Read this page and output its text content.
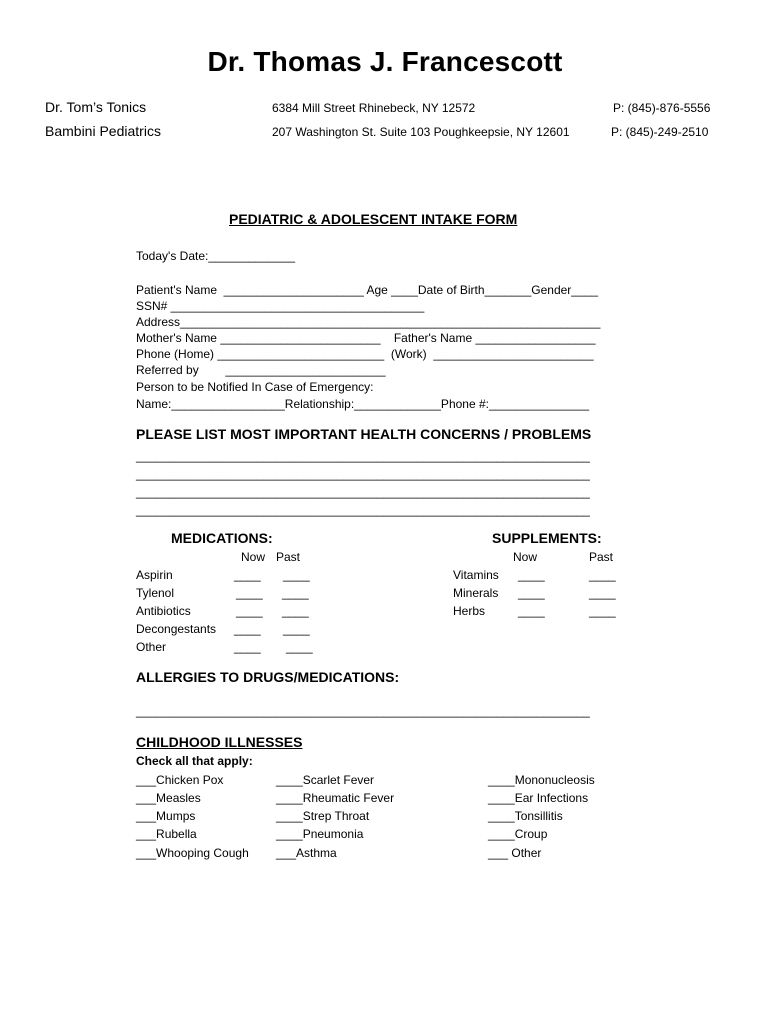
Dr. Thomas J. Francescott
Dr. Tom’s Tonics	6384 Mill Street Rhinebeck, NY 12572	P: (845)-876-5556
Bambini Pediatrics	207 Washington St. Suite 103 Poughkeepsie, NY 12601	P: (845)-249-2510
PEDIATRIC & ADOLESCENT INTAKE FORM
Today's Date:_____________
Patient's Name  _____________________ Age ____Date of Birth_______Gender____
SSN# ______________________________________
Address_______________________________________________________________
Mother's Name ________________________    Father's Name __________________
Phone (Home) _________________________  (Work)  ________________________
Referred by        ________________________
Person to be Notified In Case of Emergency:
Name:_________________Relationship:_____________Phone #:_______________
PLEASE LIST MOST IMPORTANT HEALTH CONCERNS / PROBLEMS
____________________________________________________________________
____________________________________________________________________
____________________________________________________________________
____________________________________________________________________
MEDICATIONS:
Now Past
Aspirin	____ ____
Tylenol	____ ____
Antibiotics	____ ____
Decongestants ____ ____
Other	____ ____
SUPPLEMENTS:
Now	Past
Vitamins ____	____
Minerals ____	____
Herbs	____	____
ALLERGIES TO DRUGS/MEDICATIONS:
____________________________________________________________________
CHILDHOOD ILLNESSES
Check all that apply:
___Chicken Pox
___Measles
___Mumps
___Rubella
___Whooping Cough
____Scarlet Fever
____Rheumatic Fever
____Strep Throat
____Pneumonia
___Asthma
____Mononucleosis
____Ear Infections
____Tonsillitis
____Croup
___ Other
